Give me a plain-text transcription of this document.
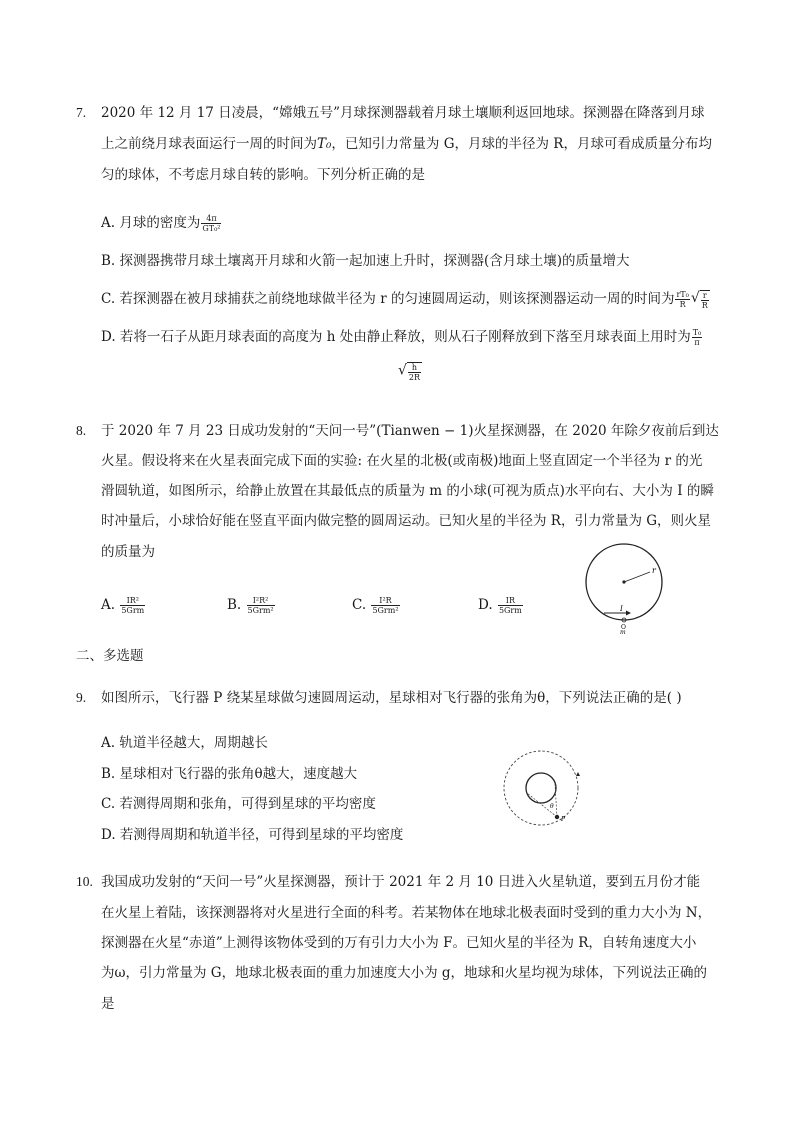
7. 2020 年 12 月 17 日凌晨，“嫦娥五号”月球探测器载着月球土壤顺利返回地球。探测器在降落到月球
上之前绕月球表面运行一周的时间为T₀，已知引力常量为 G，月球的半径为 R，月球可看成质量分布均
匀的球体，不考虑月球自转的影响。下列分析正确的是
A. 月球的密度为 $\frac{4\pi}{\text{GT₀²}}$
B. 探测器携带月球土壤离开月球和火箭一起加速上升时，探测器(含月球土壤)的质量增大
C. 若探测器在被月球捕获之前绕地球做半径为 r 的匀速圆周运动，则该探测器运动一周的时间为 $\frac{\text{rT₀}}{R}$ √ $\frac{r}{R}$
D. 若将一石子从距月球表面的高度为 h 处由静止释放，则从石子刚释放到下落至月球表面上用时为 $\frac{\text{T₀}}{\pi}$
√ $\frac{h}{2R}$
8. 于 2020 年 7 月 23 日成功发射的“天问一号”(Tianwen − 1)火星探测器，在 2020 年除夕夜前后到达
火星。假设将来在火星表面完成下面的实验: 在火星的北极(或南极)地面上竖直固定一个半径为 r 的光
滑圆轨道，如图所示，给静止放置在其最低点的质量为 m 的小球(可视为质点)水平向右、大小为 I 的瞬
时冲量后，小球恰好能在竖直平面内做完整的圆周运动。已知火星的半径为 R，引力常量为 G，则火星
的质量为
A. $\frac{\text{IR²}}{\text{5Grm}}$	B. $\frac{\text{I²R²}}{\text{5Grm²}}$	C. $\frac{\text{I²R}}{\text{5Grm²}}$	D. $\frac{IR}{\text{5Grm}}$
r
I
O
m
二、多选题
9. 如图所示，飞行器 P 绕某星球做匀速圆周运动，星球相对飞行器的张角为θ，下列说法正确的是( )
A. 轨道半径越大，周期越长
B. 星球相对飞行器的张角θ越大，速度越大
C. 若测得周期和张角，可得到星球的平均密度
D. 若测得周期和轨道半径，可得到星球的平均密度
θ
P
10. 我国成功发射的“天问一号”火星探测器，预计于 2021 年 2 月 10 日进入火星轨道，要到五月份才能
在火星上着陆，该探测器将对火星进行全面的科考。若某物体在地球北极表面时受到的重力大小为 N，
探测器在火星“赤道”上测得该物体受到的万有引力大小为 F。已知火星的半径为 R，自转角速度大小
为ω，引力常量为 G，地球北极表面的重力加速度大小为 g，地球和火星均视为球体，下列说法正确的
是
